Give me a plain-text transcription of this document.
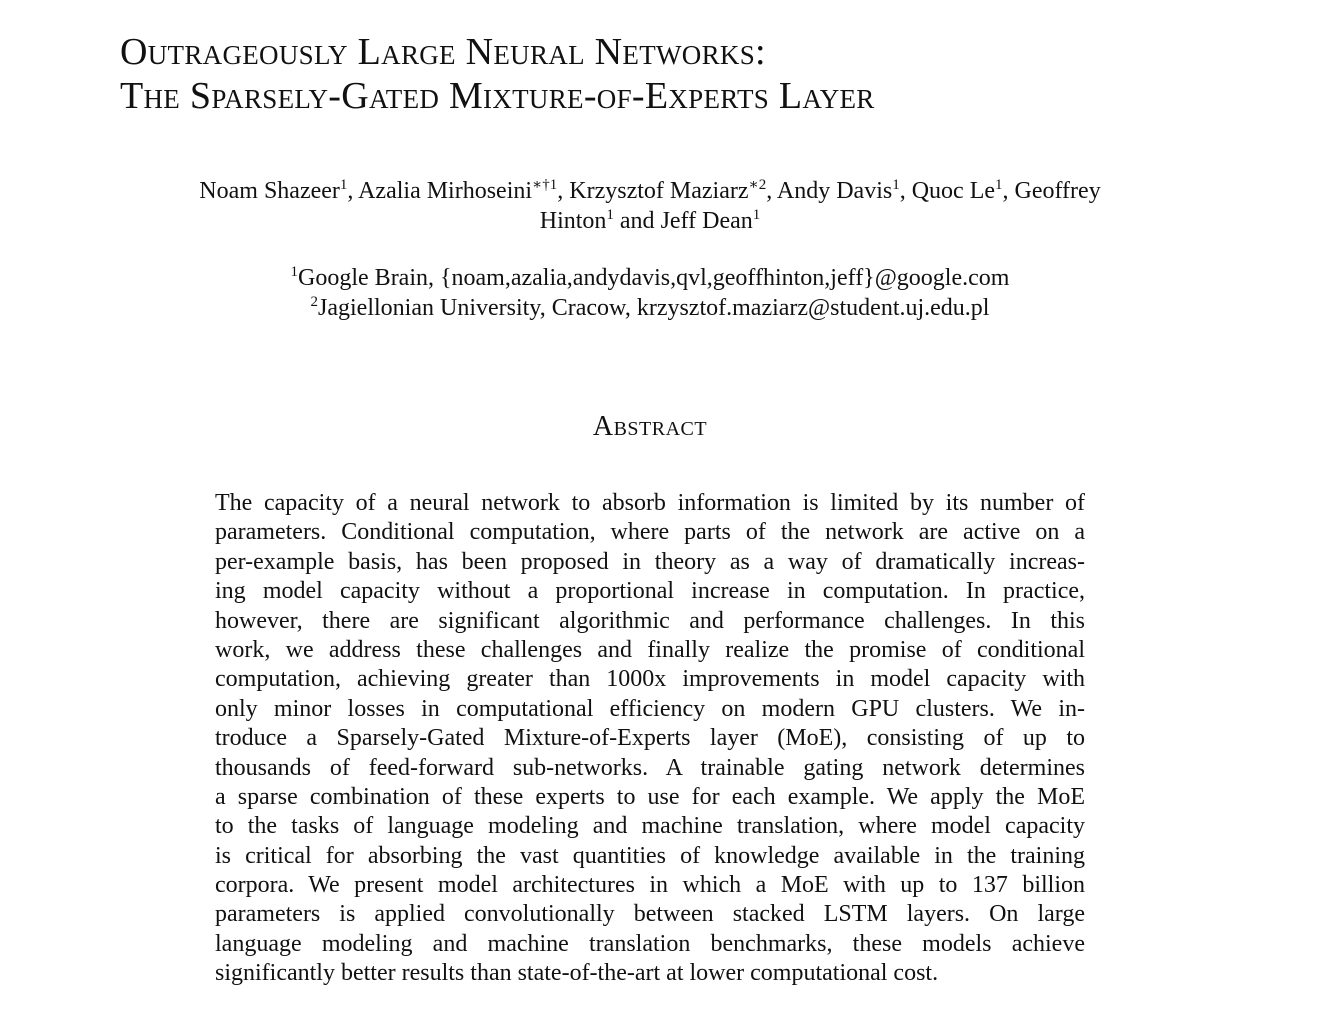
Outrageously Large Neural Networks:
The Sparsely-Gated Mixture-of-Experts Layer
Noam Shazeer$^1$, Azalia Mirhoseini$^{∗\dagger 1}$, Krzysztof Maziarz$^{∗2}$, Andy Davis$^1$, Quoc Le$^1$, Geoffrey
Hinton$^1$ and Jeff Dean$^1$
$^1$Google Brain, {noam,azalia,andydavis,qvl,geoffhinton,jeff}@google.com
$^2$Jagiellonian University, Cracow, krzysztof.maziarz@student.uj.edu.pl
Abstract
The capacity of a neural network to absorb information is limited by its number of
parameters. Conditional computation, where parts of the network are active on a
per-example basis, has been proposed in theory as a way of dramatically increas-
ing model capacity without a proportional increase in computation. In practice,
however, there are significant algorithmic and performance challenges. In this
work, we address these challenges and finally realize the promise of conditional
computation, achieving greater than 1000x improvements in model capacity with
only minor losses in computational efficiency on modern GPU clusters. We in-
troduce a Sparsely-Gated Mixture-of-Experts layer (MoE), consisting of up to
thousands of feed-forward sub-networks. A trainable gating network determines
a sparse combination of these experts to use for each example. We apply the MoE
to the tasks of language modeling and machine translation, where model capacity
is critical for absorbing the vast quantities of knowledge available in the training
corpora. We present model architectures in which a MoE with up to 137 billion
parameters is applied convolutionally between stacked LSTM layers. On large
language modeling and machine translation benchmarks, these models achieve
significantly better results than state-of-the-art at lower computational cost.
